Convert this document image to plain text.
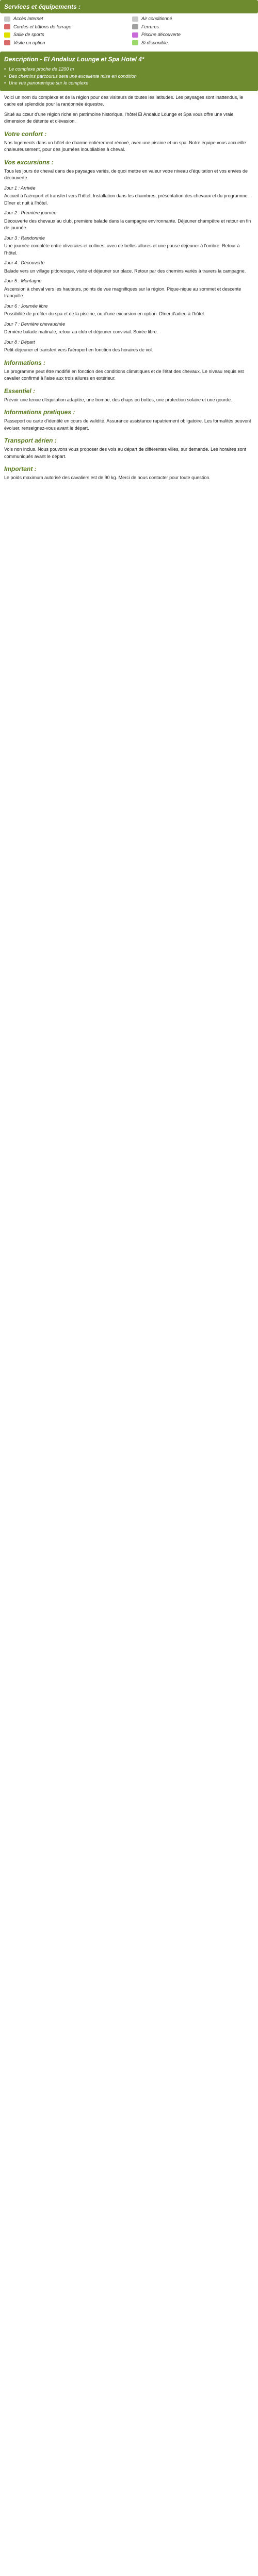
Services et équipements :
Accès Internet	Air conditionné
Cordes et bâtons de ferrage	Ferrures
Salle de sports	Piscine découverte
Visite en option	Si disponible
Description - El Andaluz Lounge et Spa Hotel 4*
• Le complexe proche de 1200 m
• Des chemins parcourus sera une excellente mise en condition
• Une vue panoramique sur le complexe

Voici un nom du complexe et de la région pour des visiteurs de toutes les latitudes. Les paysages sont inattendus, le cadre est splendide pour la randonnée équestre.

Situé au cœur d'une région riche en patrimoine historique, l'hôtel El Andaluz Lounge et Spa vous offre une vraie dimension de détente et d'évasion.

Votre confort :

Nos logements dans un hôtel de charme entièrement rénové, avec une piscine et un spa. Notre équipe vous accueille chaleureusement, pour des journées inoubliables à cheval.

Vos excursions :

Tous les jours de cheval dans des paysages variés, de quoi mettre en valeur votre niveau d'équitation et vos envies de découverte.

Jour 1 : Arrivée

Accueil à l'aéroport et transfert vers l'hôtel. Installation dans les chambres, présentation des chevaux et du programme. Dîner et nuit à l'hôtel.

Jour 2 : Première journée

Découverte des chevaux au club, première balade dans la campagne environnante. Déjeuner champêtre et retour en fin de journée.

Jour 3 : Randonnée

Une journée complète entre oliveraies et collines, avec de belles allures et une pause déjeuner à l'ombre. Retour à l'hôtel.

Jour 4 : Découverte

Balade vers un village pittoresque, visite et déjeuner sur place. Retour par des chemins variés à travers la campagne.

Jour 5 : Montagne

Ascension à cheval vers les hauteurs, points de vue magnifiques sur la région. Pique-nique au sommet et descente tranquille.

Jour 6 : Journée libre

Possibilité de profiter du spa et de la piscine, ou d'une excursion en option. Dîner d'adieu à l'hôtel.

Jour 7 : Dernière chevauchée

Dernière balade matinale, retour au club et déjeuner convivial. Soirée libre.

Jour 8 : Départ

Petit-déjeuner et transfert vers l'aéroport en fonction des horaires de vol.

Informations :

Le programme peut être modifié en fonction des conditions climatiques et de l'état des chevaux. Le niveau requis est cavalier confirmé à l'aise aux trois allures en extérieur.

Essentiel :

Prévoir une tenue d'équitation adaptée, une bombe, des chaps ou bottes, une protection solaire et une gourde.

Informations pratiques :

Passeport ou carte d'identité en cours de validité. Assurance assistance rapatriement obligatoire. Les formalités peuvent évoluer, renseignez-vous avant le départ.

Transport aérien :

Vols non inclus. Nous pouvons vous proposer des vols au départ de différentes villes, sur demande. Les horaires sont communiqués avant le départ.

Important :

Le poids maximum autorisé des cavaliers est de 90 kg. Merci de nous contacter pour toute question.
